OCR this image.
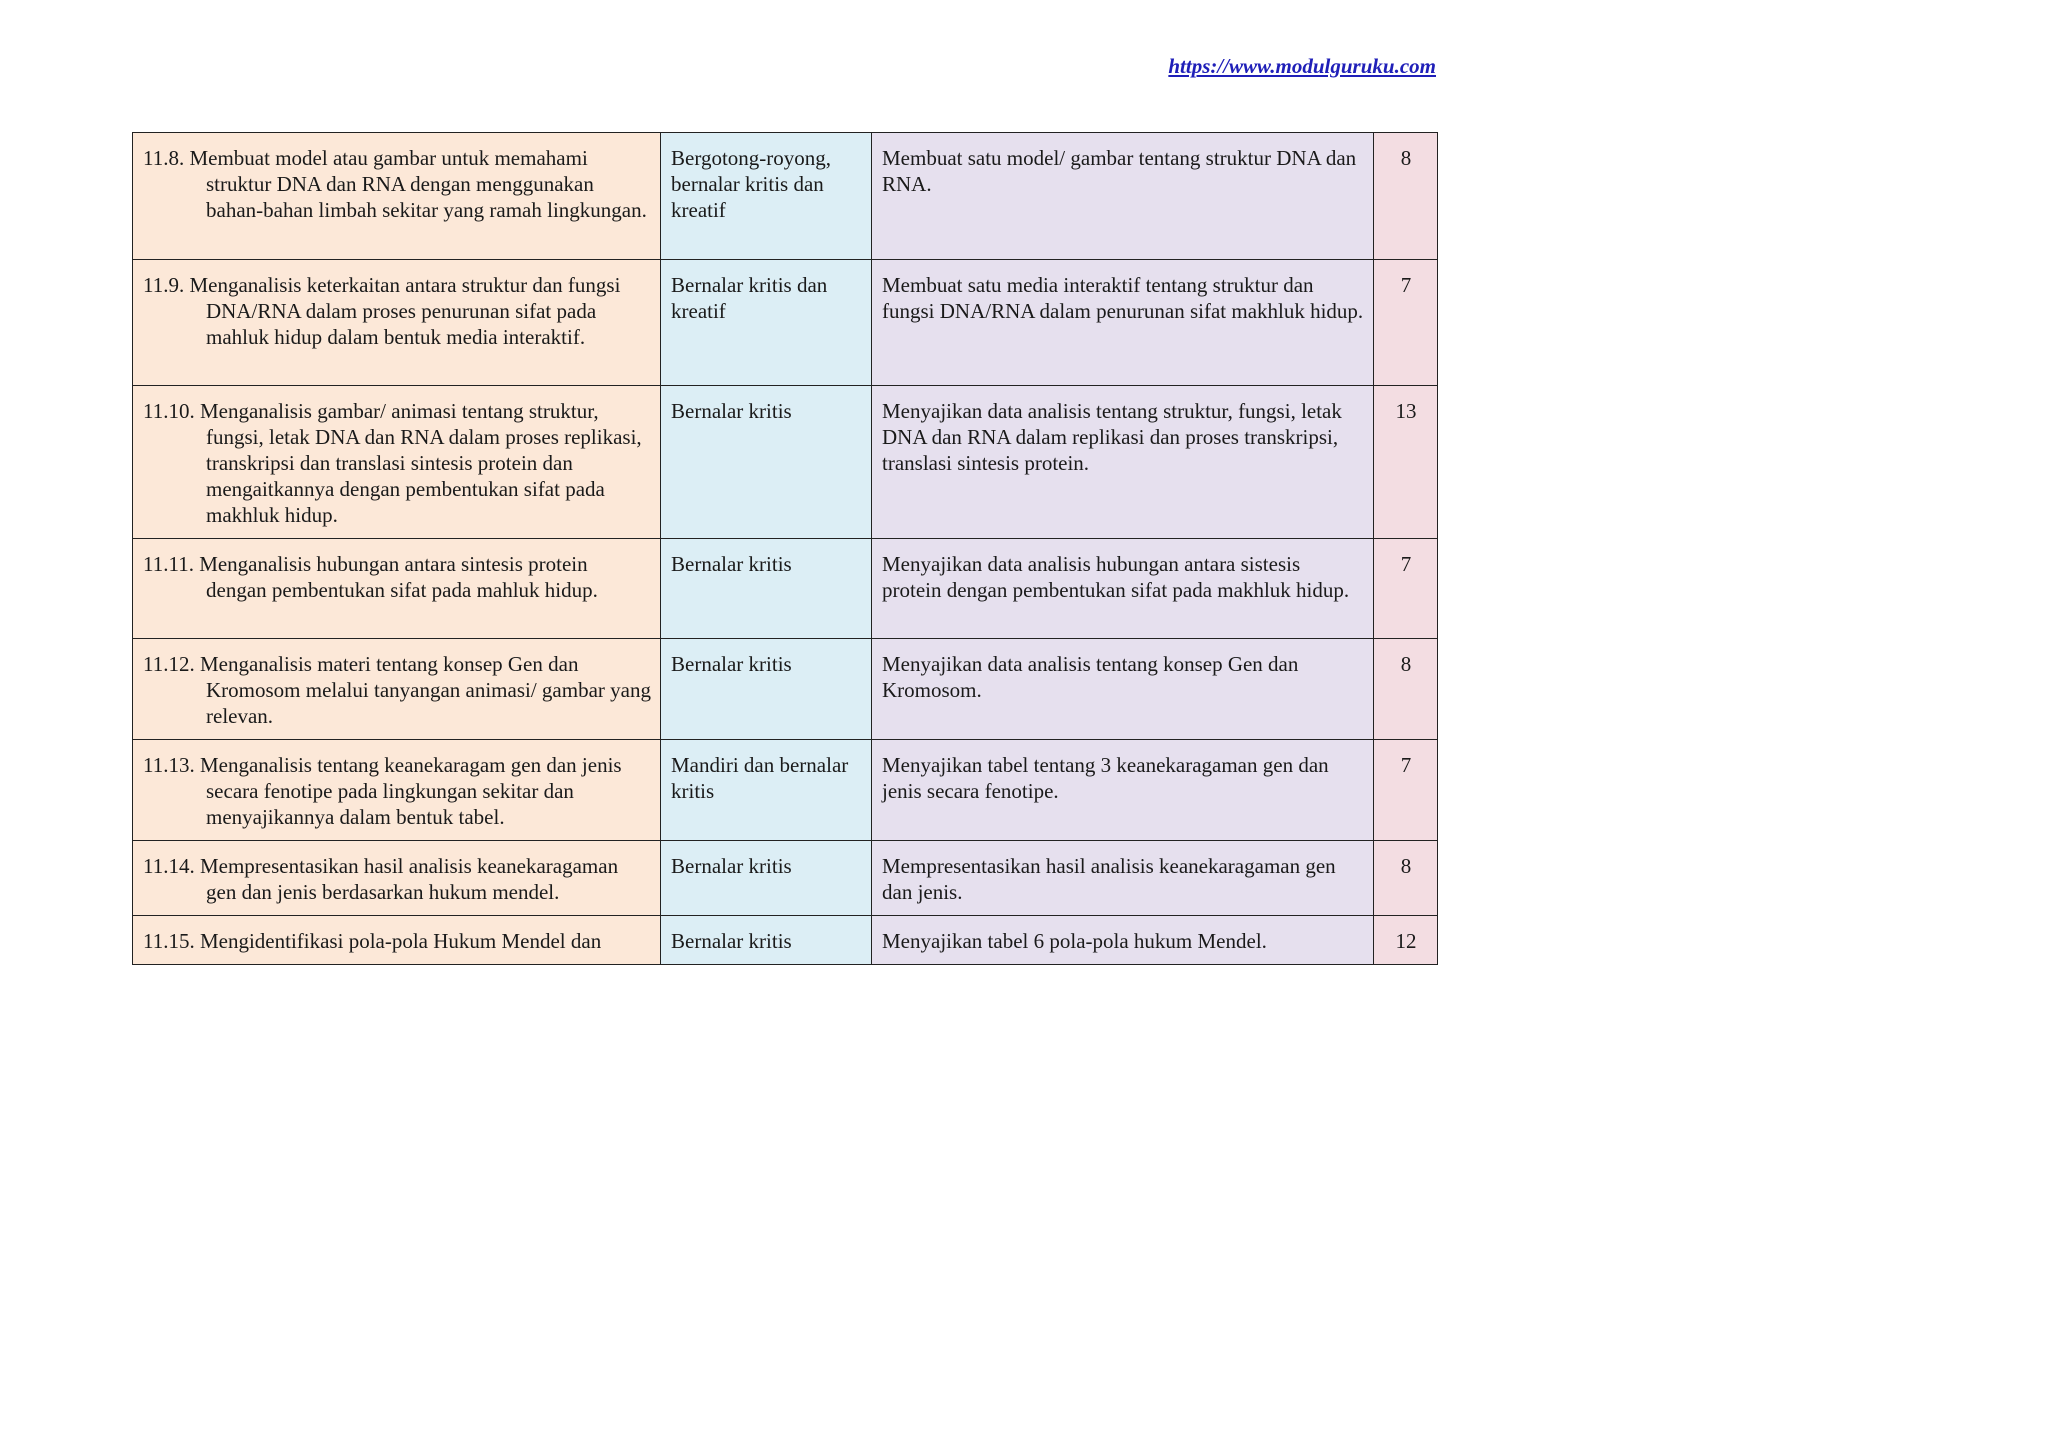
https://www.modulguruku.com
11.8. Membuat model atau gambar untuk memahami struktur DNA dan RNA dengan menggunakan bahan-bahan limbah sekitar yang ramah lingkungan.	Bergotong-royong, bernalar kritis dan kreatif	Membuat satu model/ gambar tentang struktur DNA dan RNA.	8

11.9. Menganalisis keterkaitan antara struktur dan fungsi DNA/RNA dalam proses penurunan sifat pada mahluk hidup dalam bentuk media interaktif.	Bernalar kritis dan kreatif	Membuat satu media interaktif tentang struktur dan fungsi DNA/RNA dalam penurunan sifat makhluk hidup.	7

11.10. Menganalisis gambar/ animasi tentang struktur, fungsi, letak DNA dan RNA dalam proses replikasi, transkripsi dan translasi sintesis protein dan mengaitkannya dengan pembentukan sifat pada makhluk hidup.	Bernalar kritis	Menyajikan data analisis tentang struktur, fungsi, letak DNA dan RNA dalam replikasi dan proses transkripsi, translasi sintesis protein.	13

11.11. Menganalisis hubungan antara sintesis protein dengan pembentukan sifat pada mahluk hidup.	Bernalar kritis	Menyajikan data analisis hubungan antara sistesis protein dengan pembentukan sifat pada makhluk hidup.	7

11.12. Menganalisis materi tentang konsep Gen dan Kromosom melalui tanyangan animasi/ gambar yang relevan.	Bernalar kritis	Menyajikan data analisis tentang konsep Gen dan Kromosom.	8

11.13. Menganalisis tentang keanekaragam gen dan jenis secara fenotipe pada lingkungan sekitar dan menyajikannya dalam bentuk tabel.	Mandiri dan bernalar kritis	Menyajikan tabel tentang 3 keanekaragaman gen dan jenis secara fenotipe.	7

11.14. Mempresentasikan hasil analisis keanekaragaman gen dan jenis berdasarkan hukum mendel.	Bernalar kritis	Mempresentasikan hasil analisis keanekaragaman gen dan jenis.	8

11.15. Mengidentifikasi pola-pola Hukum Mendel dan	Bernalar kritis	Menyajikan tabel 6 pola-pola hukum Mendel.	12
